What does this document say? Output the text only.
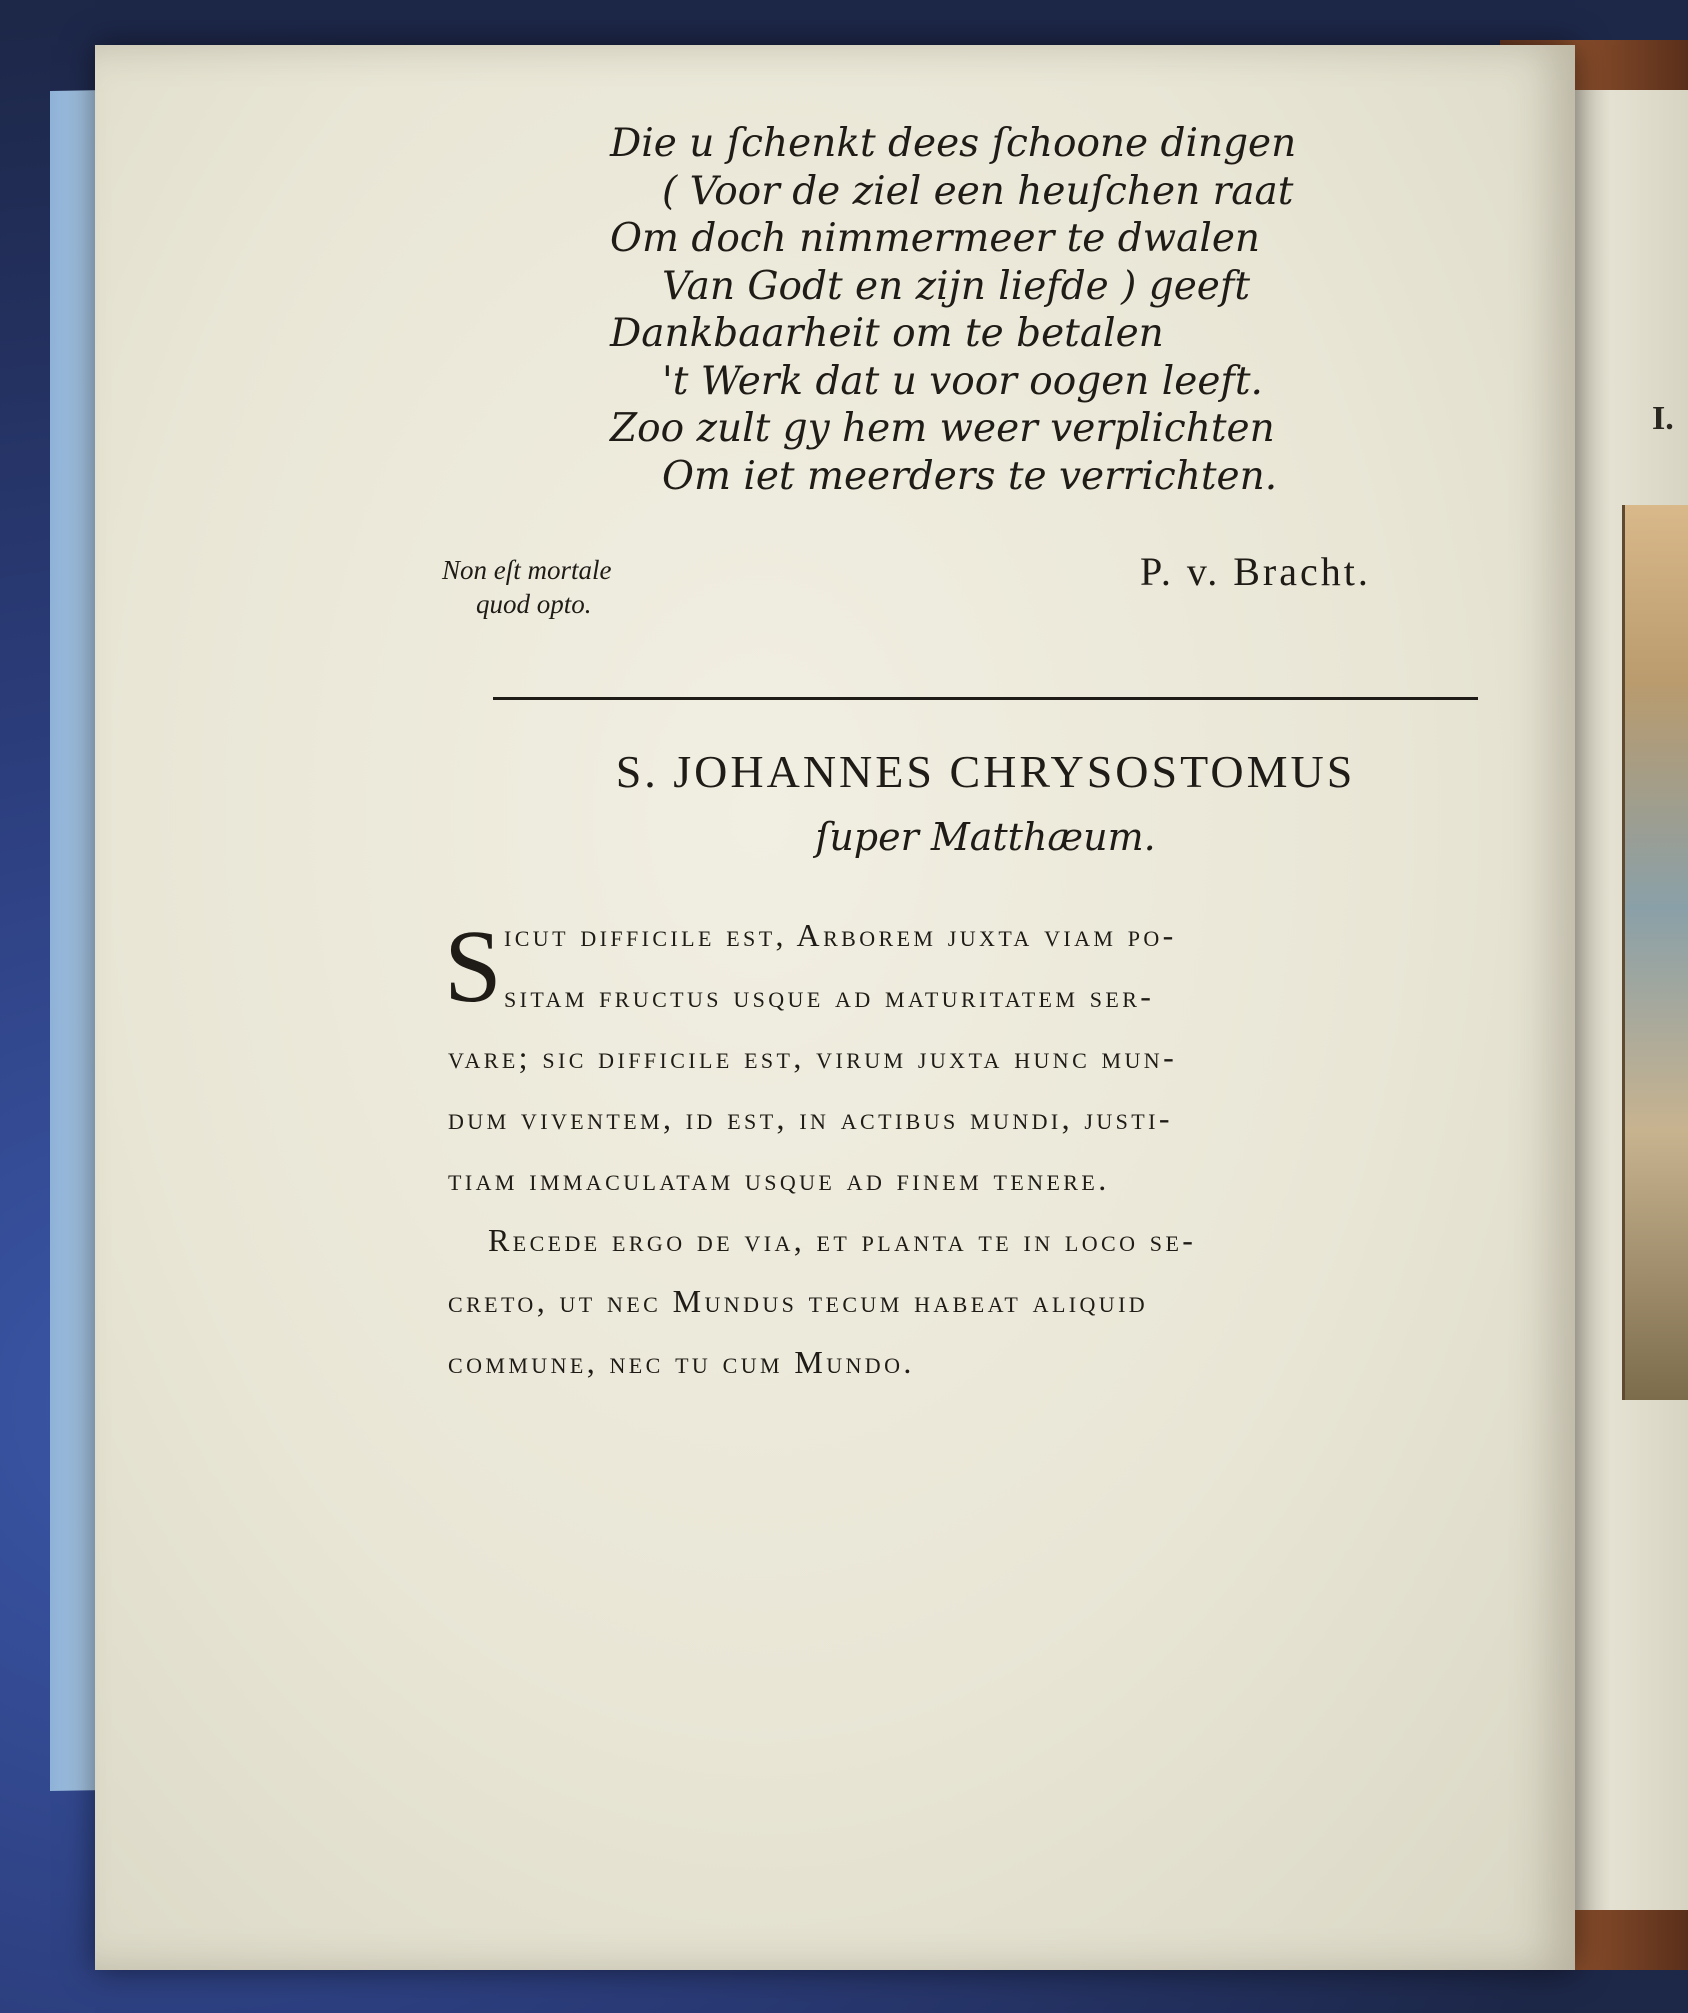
I.
Die u ſchenkt dees ſchoone dingen
( Voor de ziel een heuſchen raat
Om doch nimmermeer te dwalen
Van Godt en zijn liefde ) geeft
Dankbaarheit om te betalen
't Werk dat u voor oogen leeft.
Zoo zult gy hem weer verplichten
Om iet meerders te verrichten.
Non eſt mortale
quod opto.
P. v. Bracht.
S. JOHANNES CHRYSOSTOMUS
ſuper Matthæum.
S icut difficile est, Arborem juxta viam po-
sitam fructus usque ad maturitatem ser-
vare; sic difficile est, virum juxta hunc mun-
dum viventem, id est, in actibus mundi, justi-
tiam immaculatam usque ad finem tenere.
Recede ergo de via, et planta te in loco se-
creto, ut nec Mundus tecum habeat aliquid
commune, nec tu cum Mundo.
